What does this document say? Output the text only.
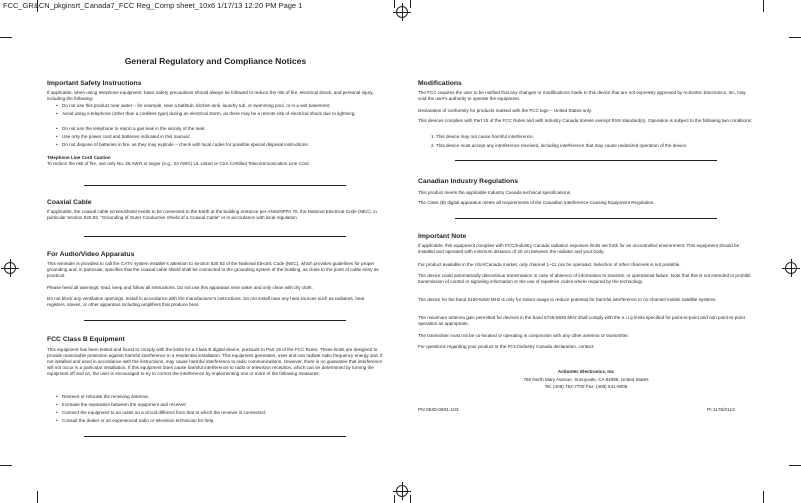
FCC_GR&CN_pkginsrt_Canada7_FCC Reg_Comp sheet_10x6 1/17/13 12:20 PM Page 1
General Regulatory and Compliance Notices
Important Safety Instructions

If applicable, when using telephone equipment, basic safety precautions should always be followed to reduce the risk of fire, electrical shock, and personal injury, including the following:

• Do not use this product near water – for example, near a bathtub, kitchen sink, laundry tub, or swimming pool, or in a wet basement;

• Avoid using a telephone (other than a cordless type) during an electrical storm, as there may be a remote risk of electrical shock due to lightning;

• Do not use the telephone to report a gas leak in the vicinity of the leak;

• Use only the power cord and batteries indicated in this manual;

• Do not dispose of batteries in fire, as they may explode – check with local codes for possible special disposal instructions.

Telephone Line Cord Caution

To reduce the risk of fire, use only No. 26 AWG or larger (e.g., 24 AWG) UL Listed or CSA Certified Telecommunication Line Cord.

Coaxial Cable

If applicable, the coaxial cable screen/shield needs to be connected to the Earth at the building entrance per ANSI/NFPA 70, the National Electrical Code (NEC), in particular Section 820.93, “Grounding of Outer Conductive Shield of a Coaxial Cable” or in accordance with local regulation.

For Audio/Video Apparatus

This reminder is provided to call the CATV system installer's attention to Section 820.93 of the National Electric Code (NEC), which provides guidelines for proper grounding and, in particular, specifies that the coaxial cable shield shall be connected to the grounding system of the building, as close to the point of cable entry as practical.

Please heed all warnings; read, keep and follow all instructions. Do not use this apparatus near water and only clean with dry cloth.

Do not block any ventilation openings. Install in accordance with the manufacturer's instructions. Do not install near any heat sources such as radiators, heat registers, stoves, or other apparatus including amplifiers that produce heat.

FCC Class B Equipment

This equipment has been tested and found to comply with the limits for a Class B digital device, pursuant to Part 15 of the FCC Rules. These limits are designed to provide reasonable protection against harmful interference in a residential installation. This equipment generates, uses and can radiate radio frequency energy and, if not installed and used in accordance with the instructions, may cause harmful interference to radio communications. However, there is no guarantee that interference will not occur in a particular installation. If this equipment does cause harmful interference to radio or television reception, which can be determined by turning the equipment off and on, the user is encouraged to try to correct the interference by implementing one or more of the following measures:

• Reorient or relocate the receiving antenna;

• Increase the separation between the equipment and receiver;

• Connect the equipment to an outlet on a circuit different from that to which the receiver is connected;

• Consult the dealer or an experienced radio or television technician for help.

Modifications

The FCC requires the user to be notified that any changes or modifications made to this device that are not expressly approved by Actiontec Electronics, Inc, may void the user's authority to operate the equipment.

Declaration of conformity for products marked with the FCC logo – United States only.

This devices complies with Part 15 of the FCC Rules and with Industry Canada license exempt RSS standard(s). Operation is subject to the following two conditions:

1. This device may not cause harmful interference;

2. This device must accept any interference received, including interference that may cause undesired operation of the device.

Canadian Industry Regulations

This product meets the applicable Industry Canada technical specifications.

The Class (B) digital apparatus meets all requirements of the Canadian Interference-Causing Equipment Regulation.

Important Note

If applicable, this equipment complies with FCC/Industry Canada radiation exposure limits set forth for an uncontrolled environment. This equipment should be installed and operated with minimum distance of 20 cm between the radiator and your body.

For product available in the USA/Canada market, only channel 1~11 can be operated. Selection of other channels is not possible.

The device could automatically discontinue transmission in case of absence of information to transmit, or operational failure. Note that this is not intended to prohibit transmission of control or signaling information or the use of repetitive codes where required by the technology.

The device for the band 5150-5250 MHz is only for indoor usage to reduce potential for harmful interference to co-channel mobile satellite systems.

The maximum antenna gain permitted for devices in the band 5725-5825 MHz shall comply with the e.i.r.p limits specified for point-to-point and non point-to-point operation as appropriate.

The transmitter must not be co-located or operating in conjunction with any other antenna or transmitter.

For questions regarding your product or the FCC/Industry Canada declaration, contact:

Actiontec Electronics, Inc

760 North Mary Avenue, Sunnyvale, CA 94086, United States

Tel: (408) 752-7700 Fax: (408) 541-9005

PN 0530-0601-103	PI 1176/0113
